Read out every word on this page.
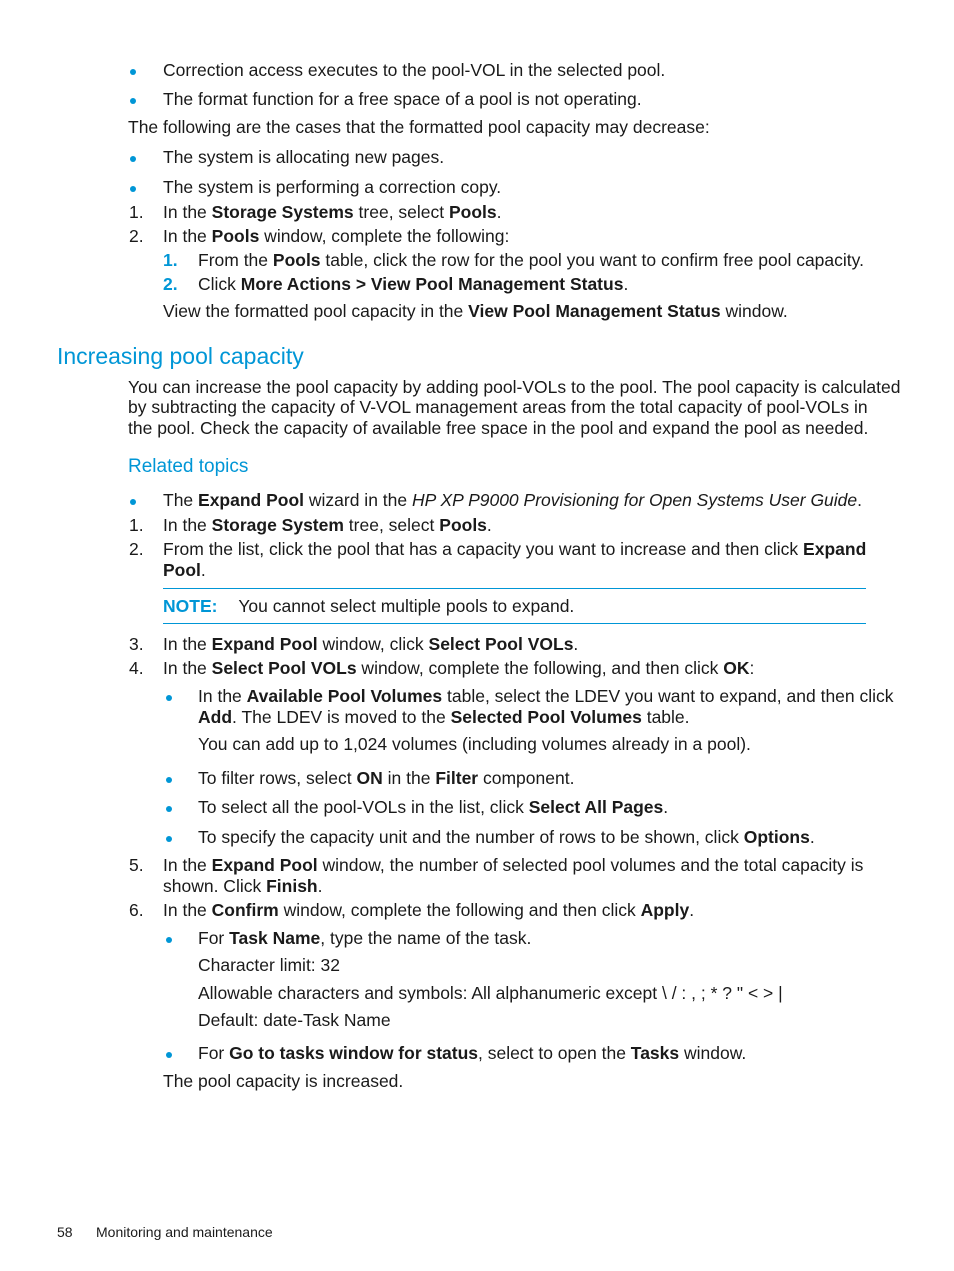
Correction access executes to the pool-VOL in the selected pool.
The format function for a free space of a pool is not operating.
The following are the cases that the formatted pool capacity may decrease:
The system is allocating new pages.
The system is performing a correction copy.
1. In the Storage Systems tree, select Pools.
2. In the Pools window, complete the following:
1. From the Pools table, click the row for the pool you want to confirm free pool capacity.
2. Click More Actions > View Pool Management Status.
View the formatted pool capacity in the View Pool Management Status window.
Increasing pool capacity
You can increase the pool capacity by adding pool-VOLs to the pool. The pool capacity is calculated
by subtracting the capacity of V-VOL management areas from the total capacity of pool-VOLs in
the pool. Check the capacity of available free space in the pool and expand the pool as needed.
Related topics
The Expand Pool wizard in the HP XP P9000 Provisioning for Open Systems User Guide.
1. In the Storage System tree, select Pools.
2. From the list, click the pool that has a capacity you want to increase and then click Expand
Pool.
NOTE: You cannot select multiple pools to expand.
3. In the Expand Pool window, click Select Pool VOLs.
4. In the Select Pool VOLs window, complete the following, and then click OK:
In the Available Pool Volumes table, select the LDEV you want to expand, and then click
Add. The LDEV is moved to the Selected Pool Volumes table.
You can add up to 1,024 volumes (including volumes already in a pool).
To filter rows, select ON in the Filter component.
To select all the pool-VOLs in the list, click Select All Pages.
To specify the capacity unit and the number of rows to be shown, click Options.
5. In the Expand Pool window, the number of selected pool volumes and the total capacity is
shown. Click Finish.
6. In the Confirm window, complete the following and then click Apply.
For Task Name, type the name of the task.
Character limit: 32
Allowable characters and symbols: All alphanumeric except \ / : , ; * ? " < > |
Default: date-Task Name
For Go to tasks window for status, select to open the Tasks window.
The pool capacity is increased.
58 Monitoring and maintenance
